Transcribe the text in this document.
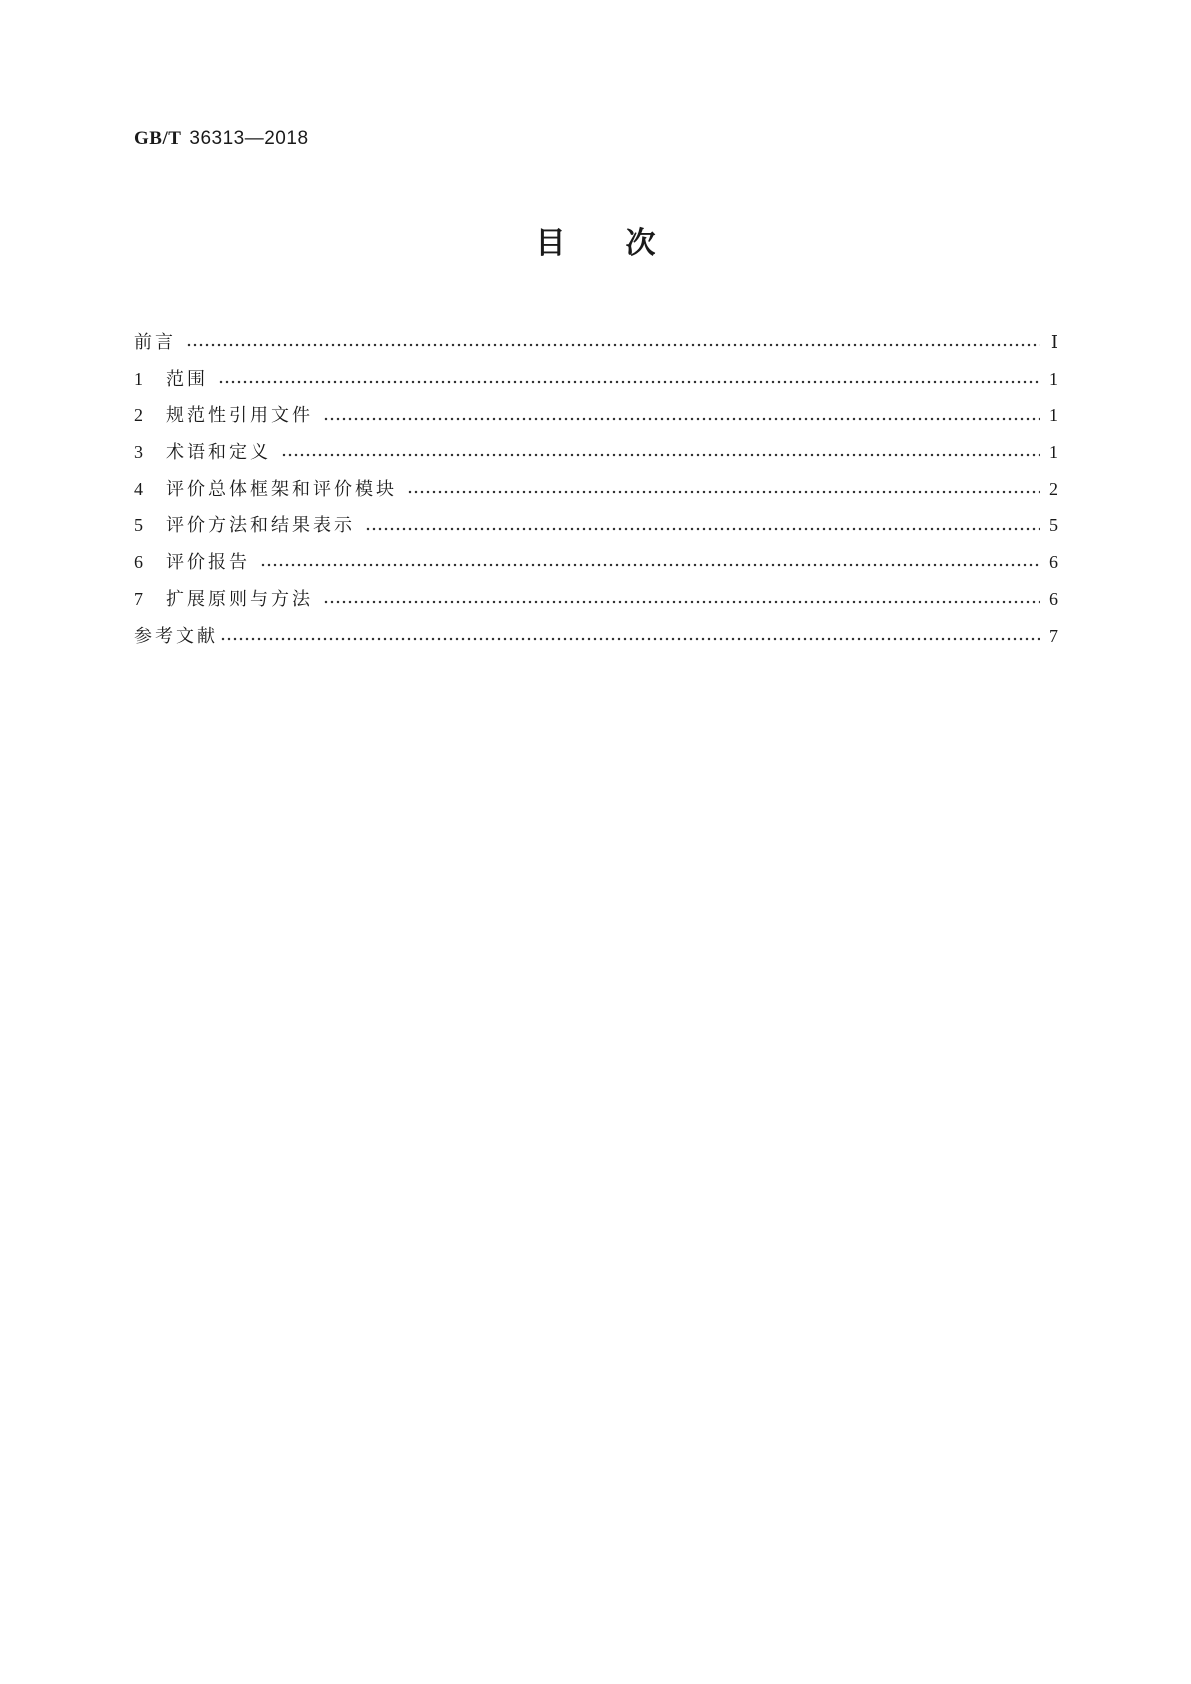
GB/T 36313—2018
目次
前言	Ⅰ
1	范围	1
2	规范性引用文件	1
3	术语和定义	1
4	评价总体框架和评价模块	2
5	评价方法和结果表示	5
6	评价报告	6
7	扩展原则与方法	6
参考文献	7
